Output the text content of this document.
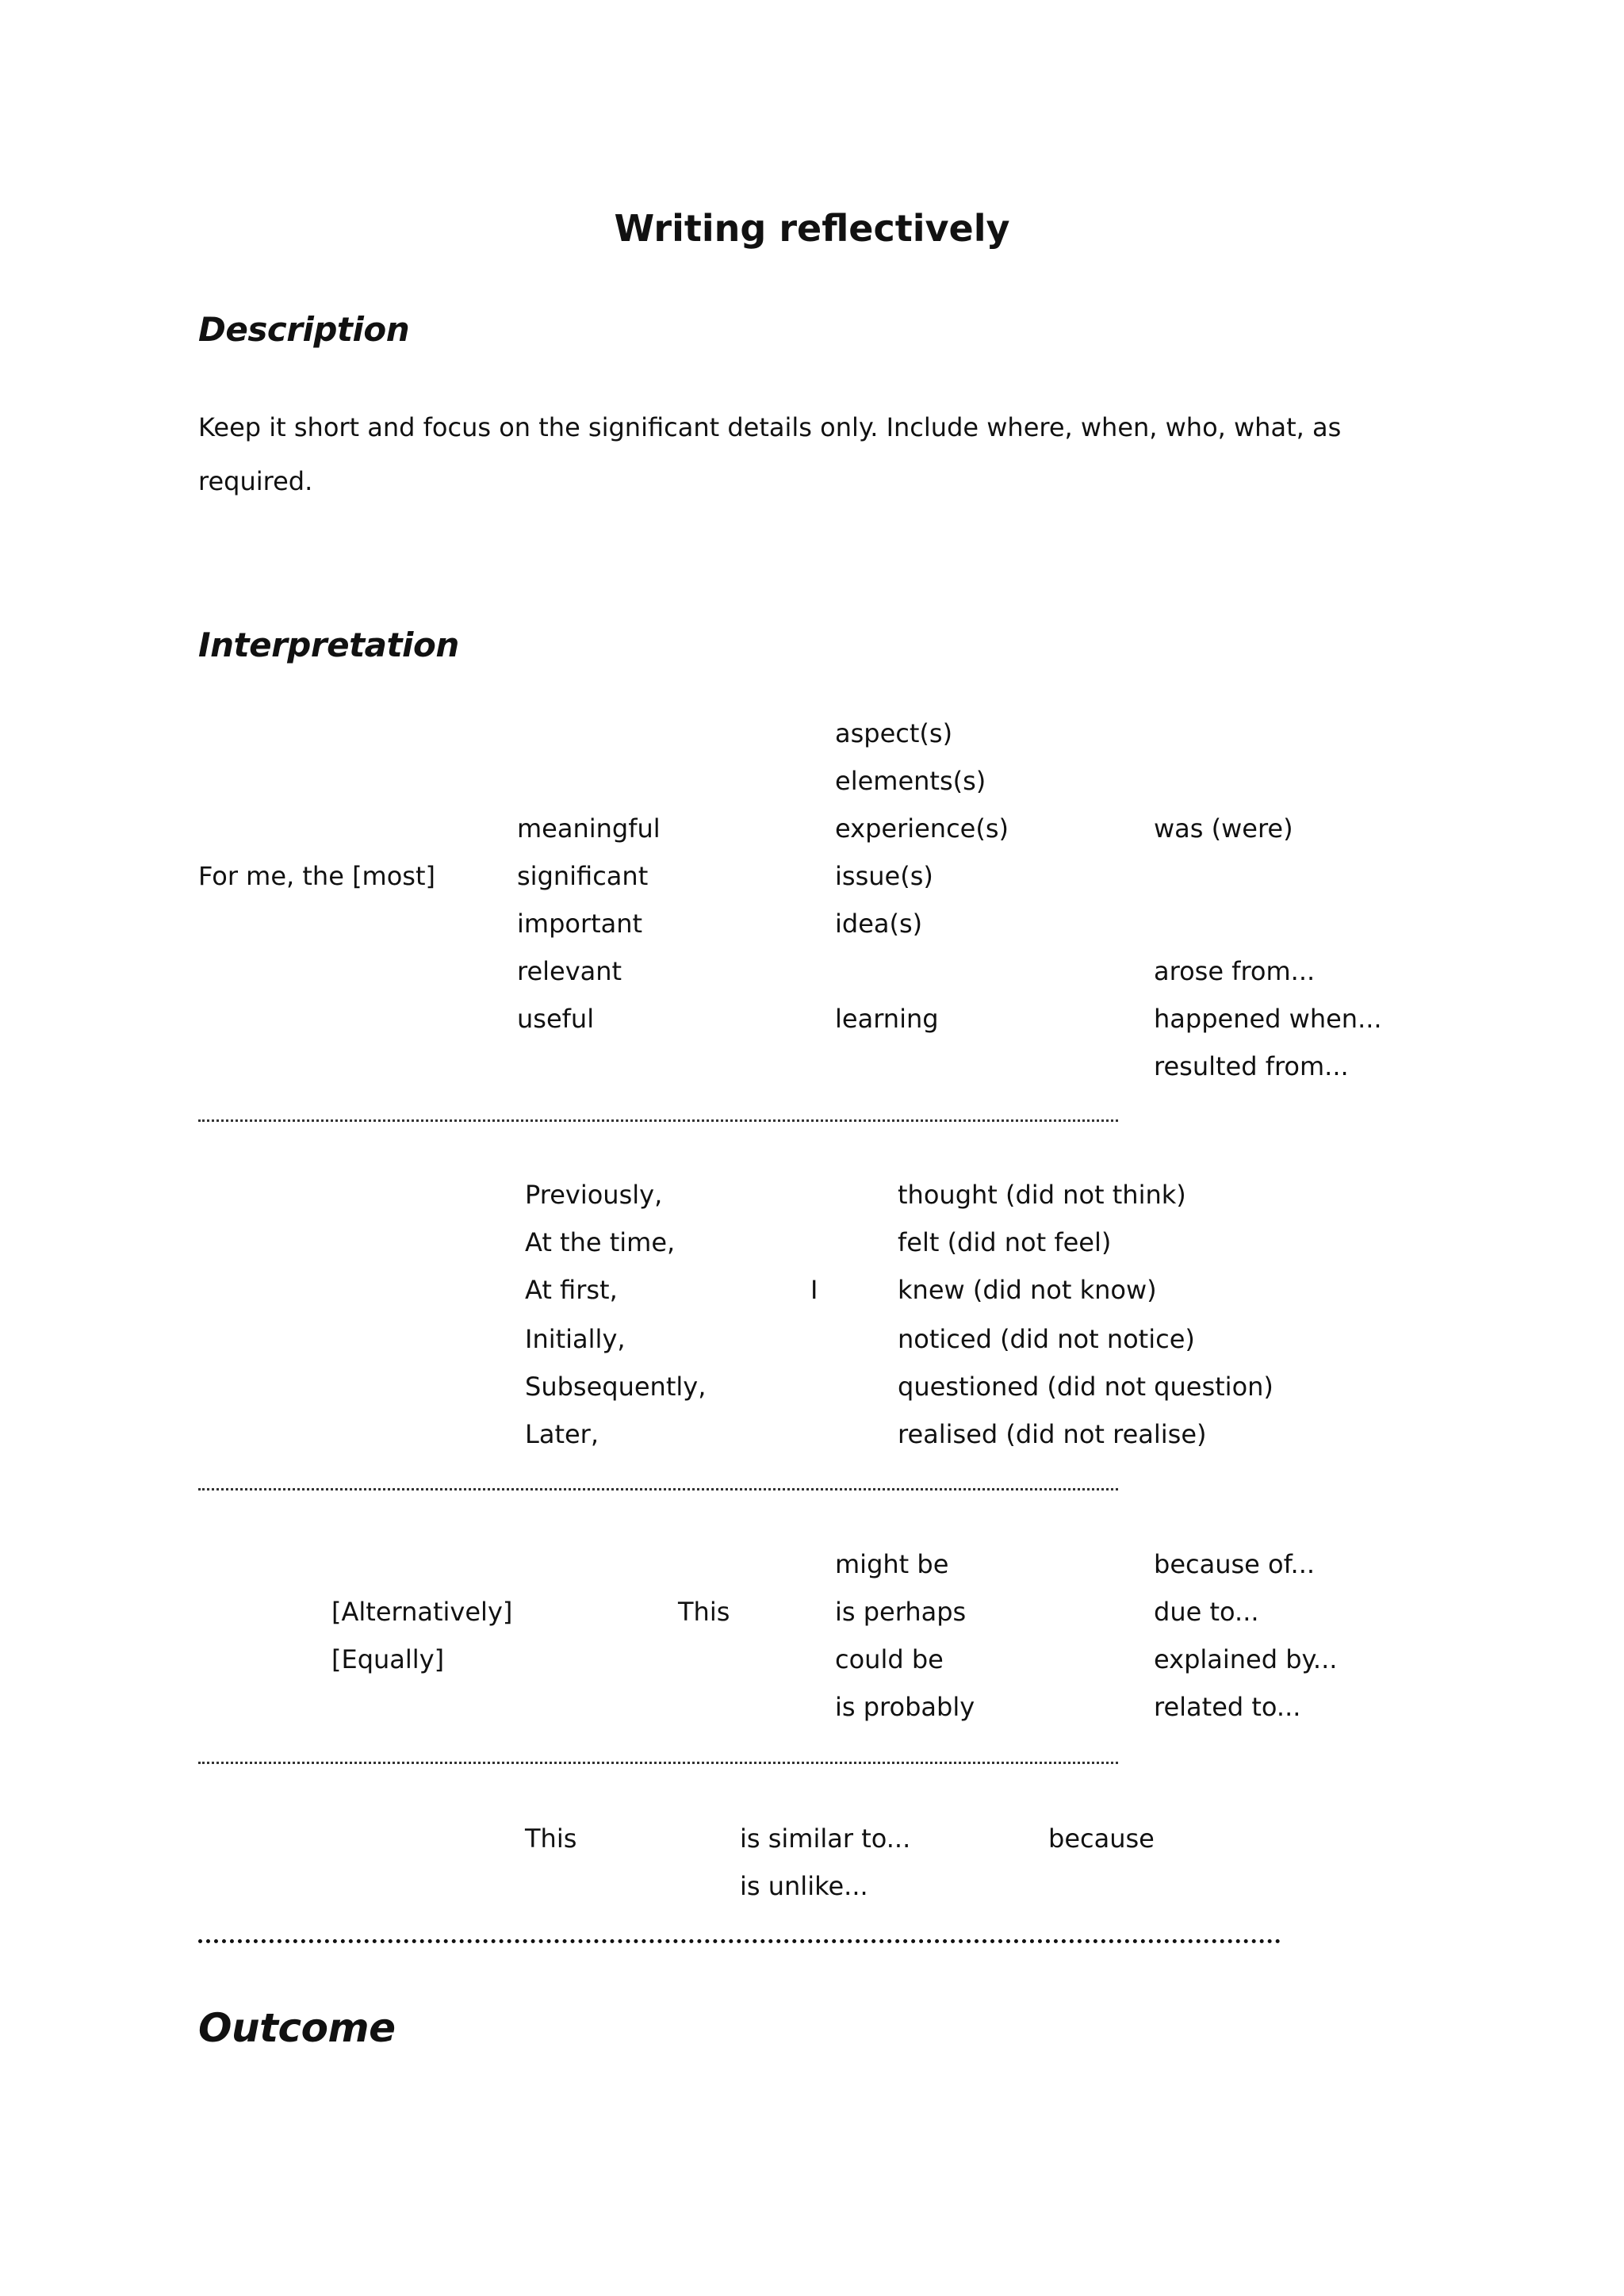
Writing reflectively
Description
Keep it short and focus on the significant details only. Include where, when, who, what, as required.
Interpretation
For me, the [most]
meaningful
significant
important
relevant
useful
aspect(s)
elements(s)
experience(s)
issue(s)
idea(s)
learning
was (were)
arose from...
happened when...
resulted from...
Previously,
At the time,
At first,
Initially,
Subsequently,
Later,
I
thought (did not think)
felt (did not feel)
knew (did not know)
noticed (did not notice)
questioned (did not question)
realised (did not realise)
[Alternatively]
[Equally]
This
might be
is perhaps
could be
is probably
because of...
due to...
explained by...
related to...
This	is similar to...
is unlike...
because
Outcome
